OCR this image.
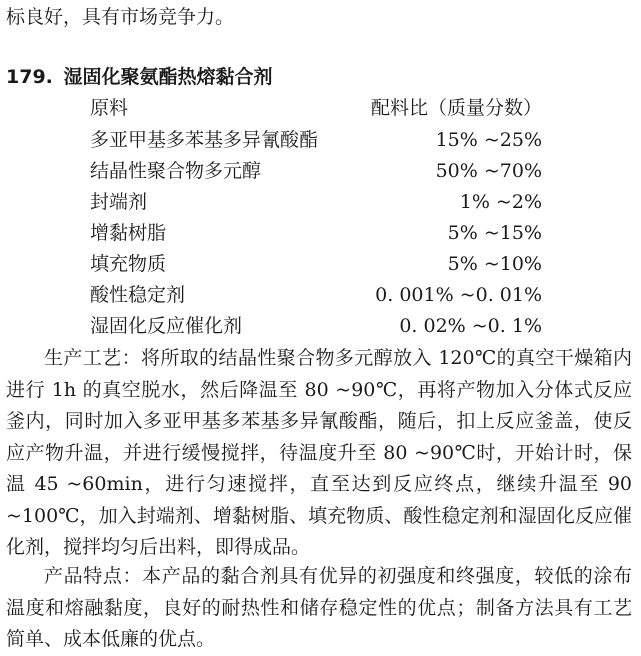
标良好，具有市场竞争力。
179. 湿固化聚氨酯热熔黏合剂
原料	配料比（质量分数）
多亚甲基多苯基多异氰酸酯	15% ~25%
结晶性聚合物多元醇	50% ~70%
封端剂	1% ~2%
增黏树脂	5% ~15%
填充物质	5% ~10%
酸性稳定剂	0. 001% ~0. 01%
湿固化反应催化剂	0. 02% ~0. 1%
生产工艺：将所取的结晶性聚合物多元醇放入 120℃的真空干燥箱内进行 1h 的真空脱水，然后降温至 80 ~90℃，再将产物加入分体式反应釜内，同时加入多亚甲基多苯基多异氰酸酯，随后，扣上反应釜盖，使反应产物升温，并进行缓慢搅拌，待温度升至 80 ~90℃时，开始计时，保温 45 ~60min，进行匀速搅拌，直至达到反应终点，继续升温至 90 ~100℃，加入封端剂、增黏树脂、填充物质、酸性稳定剂和湿固化反应催化剂，搅拌均匀后出料，即得成品。
产品特点：本产品的黏合剂具有优异的初强度和终强度，较低的涂布温度和熔融黏度，良好的耐热性和储存稳定性的优点；制备方法具有工艺简单、成本低廉的优点。
